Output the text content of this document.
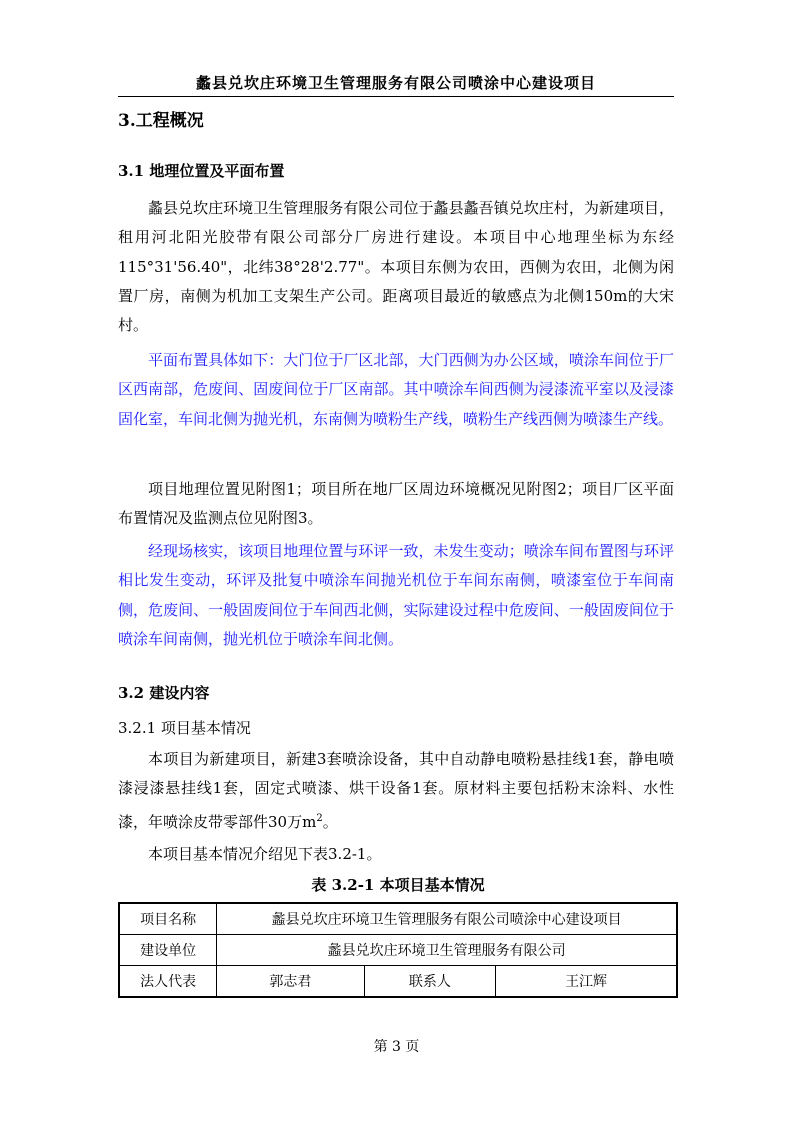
蠡县兑坎庄环境卫生管理服务有限公司喷涂中心建设项目
3.工程概况
3.1 地理位置及平面布置
蠡县兑坎庄环境卫生管理服务有限公司位于蠡县蠡吾镇兑坎庄村，为新建项目，租用河北阳光胶带有限公司部分厂房进行建设。本项目中心地理坐标为东经115°31'56.40"，北纬38°28'2.77"。本项目东侧为农田，西侧为农田，北侧为闲置厂房，南侧为机加工支架生产公司。距离项目最近的敏感点为北侧150m的大宋村。
平面布置具体如下：大门位于厂区北部，大门西侧为办公区域，喷涂车间位于厂区西南部，危废间、固废间位于厂区南部。其中喷涂车间西侧为浸漆流平室以及浸漆固化室，车间北侧为抛光机，东南侧为喷粉生产线，喷粉生产线西侧为喷漆生产线。
项目地理位置见附图1；项目所在地厂区周边环境概况见附图2；项目厂区平面布置情况及监测点位见附图3。
经现场核实，该项目地理位置与环评一致，未发生变动；喷涂车间布置图与环评相比发生变动，环评及批复中喷涂车间抛光机位于车间东南侧，喷漆室位于车间南侧，危废间、一般固废间位于车间西北侧，实际建设过程中危废间、一般固废间位于喷涂车间南侧，抛光机位于喷涂车间北侧。
3.2 建设内容
3.2.1 项目基本情况
本项目为新建项目，新建3套喷涂设备，其中自动静电喷粉悬挂线1套，静电喷漆浸漆悬挂线1套，固定式喷漆、烘干设备1套。原材料主要包括粉末涂料、水性漆，年喷涂皮带零部件30万$m^2$。
本项目基本情况介绍见下表3.2-1。
表 3.2-1 本项目基本情况
项目名称	蠡县兑坎庄环境卫生管理服务有限公司喷涂中心建设项目		
建设单位	蠡县兑坎庄环境卫生管理服务有限公司		
法人代表	郭志君	联系人	王江辉
第 3 页
